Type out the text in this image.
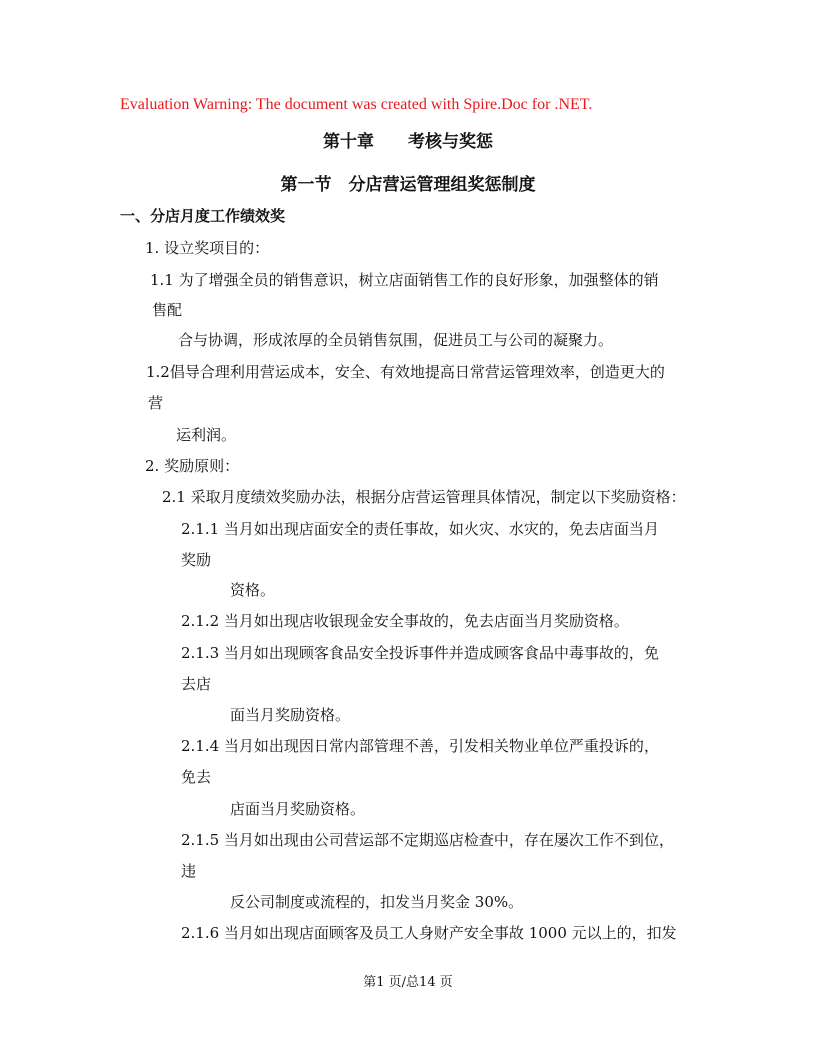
Evaluation Warning: The document was created with Spire.Doc for .NET.
第十章　　考核与奖惩
第一节　分店营运管理组奖惩制度
一、分店月度工作绩效奖
1. 设立奖项目的：
1.1 为了增强全员的销售意识，树立店面销售工作的良好形象，加强整体的销
售配
合与协调，形成浓厚的全员销售氛围，促进员工与公司的凝聚力。
1.2倡导合理利用营运成本，安全、有效地提高日常营运管理效率，创造更大的
营
运利润。
2. 奖励原则：
2.1 采取月度绩效奖励办法，根据分店营运管理具体情况，制定以下奖励资格：
2.1.1 当月如出现店面安全的责任事故，如火灾、水灾的，免去店面当月
奖励
资格。
2.1.2 当月如出现店收银现金安全事故的，免去店面当月奖励资格。
2.1.3 当月如出现顾客食品安全投诉事件并造成顾客食品中毒事故的，免
去店
面当月奖励资格。
2.1.4 当月如出现因日常内部管理不善，引发相关物业单位严重投诉的，
免去
店面当月奖励资格。
2.1.5 当月如出现由公司营运部不定期巡店检查中，存在屡次工作不到位，
违
反公司制度或流程的，扣发当月奖金 30%。
2.1.6 当月如出现店面顾客及员工人身财产安全事故 1000 元以上的，扣发
第1 页/总14 页
